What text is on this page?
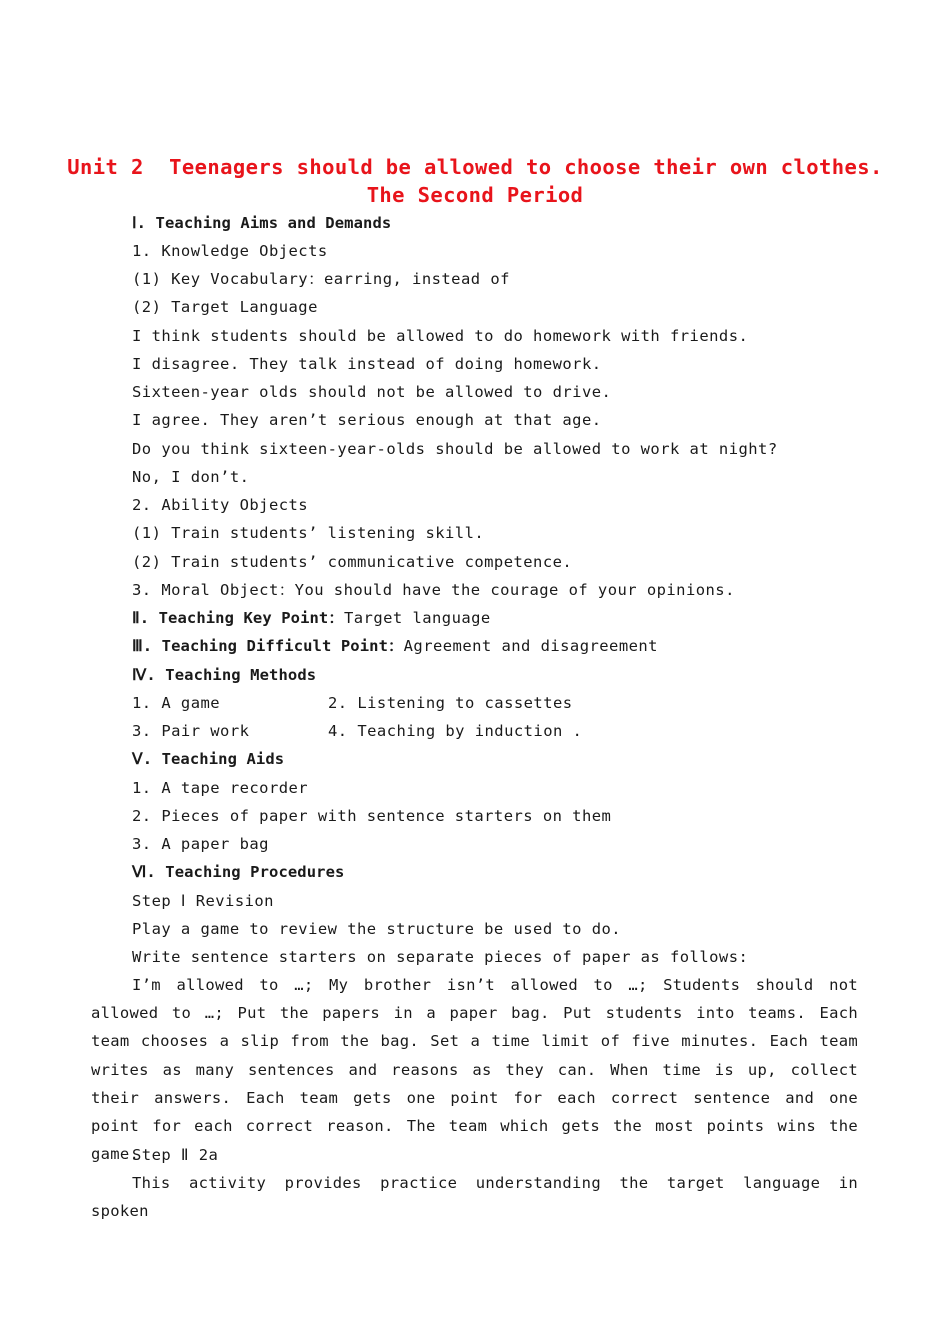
Unit 2  Teenagers should be allowed to choose their own clothes.
The Second Period
Ⅰ. Teaching Aims and Demands
1. Knowledge Objects
(1) Key Vocabulary：earring, instead of
(2) Target Language
I think students should be allowed to do homework with friends.
I disagree. They talk instead of doing homework.
Sixteen-year olds should not be allowed to drive.
I agree. They aren’t serious enough at that age.
Do you think sixteen-year-olds should be allowed to work at night?
No, I don’t.
2. Ability Objects
(1) Train students’ listening skill.
(2) Train students’ communicative competence.
3. Moral Object：You should have the courage of your opinions.
Ⅱ. Teaching Key Point：Target language
Ⅲ. Teaching Difficult Point：Agreement and disagreement
Ⅳ. Teaching Methods
1. A game	2. Listening to cassettes
3. Pair work	4. Teaching by induction .
Ⅴ. Teaching Aids
1. A tape recorder
2. Pieces of paper with sentence starters on them
3. A paper bag
Ⅵ. Teaching Procedures
Step Ⅰ Revision
Play a game to review the structure be used to do.
Write sentence starters on separate pieces of paper as follows:
I’m allowed to …; My brother isn’t allowed to …; Students should not allowed to …; Put the papers in a paper bag. Put students into teams. Each team chooses a slip from the bag. Set a time limit of five minutes. Each team writes as many sentences and reasons as they can. When time is up, collect their answers. Each team gets one point for each correct sentence and one point for each correct reason. The team which gets the most points wins the game.
Step Ⅱ 2a
This activity provides practice understanding the target language in spoken
